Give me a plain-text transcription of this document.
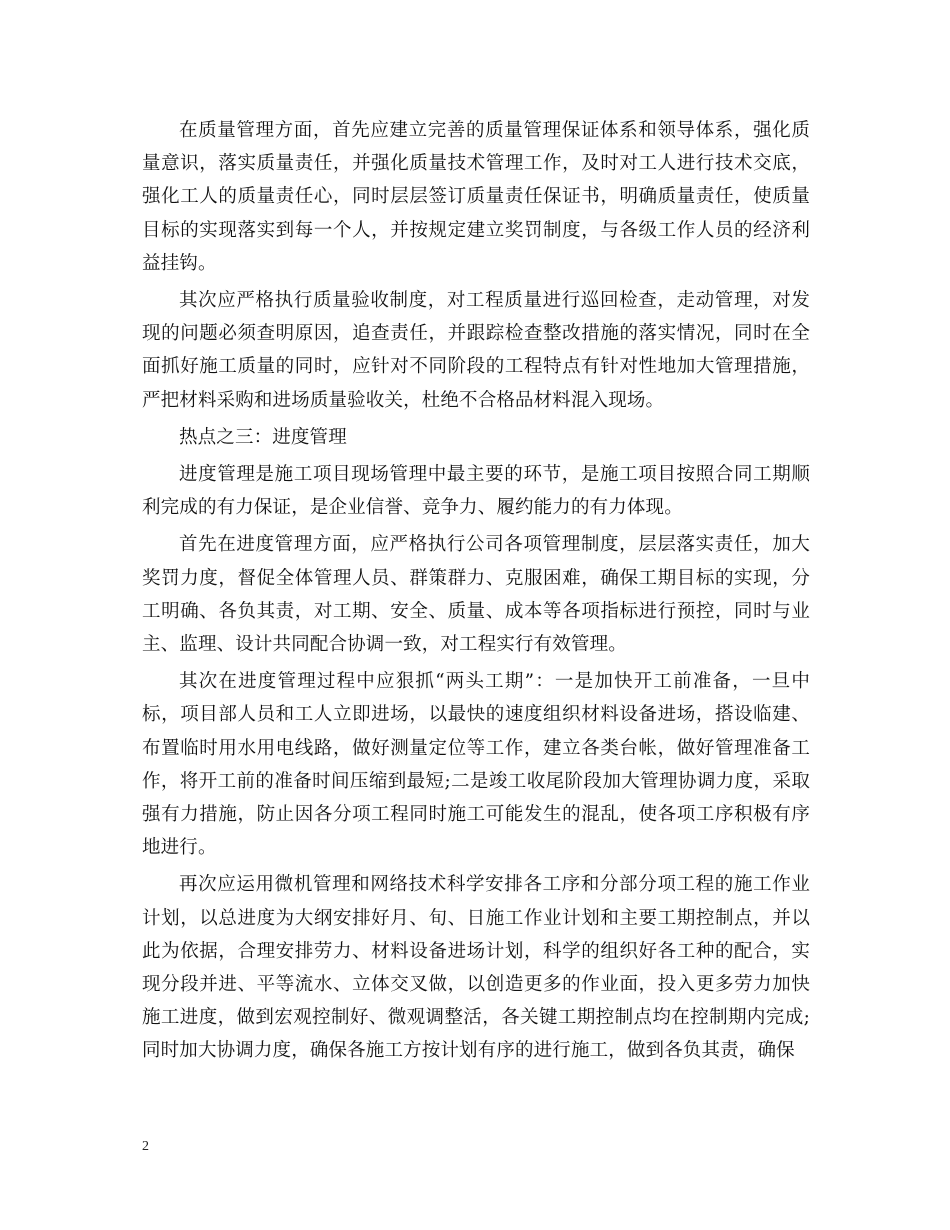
在质量管理方面，首先应建立完善的质量管理保证体系和领导体系，强化质量意识，落实质量责任，并强化质量技术管理工作，及时对工人进行技术交底，强化工人的质量责任心，同时层层签订质量责任保证书，明确质量责任，使质量目标的实现落实到每一个人，并按规定建立奖罚制度，与各级工作人员的经济利益挂钩。

其次应严格执行质量验收制度，对工程质量进行巡回检查，走动管理，对发现的问题必须查明原因，追查责任，并跟踪检查整改措施的落实情况，同时在全面抓好施工质量的同时，应针对不同阶段的工程特点有针对性地加大管理措施，严把材料采购和进场质量验收关，杜绝不合格品材料混入现场。

热点之三：进度管理

进度管理是施工项目现场管理中最主要的环节，是施工项目按照合同工期顺利完成的有力保证，是企业信誉、竞争力、履约能力的有力体现。

首先在进度管理方面，应严格执行公司各项管理制度，层层落实责任，加大奖罚力度，督促全体管理人员、群策群力、克服困难，确保工期目标的实现，分工明确、各负其责，对工期、安全、质量、成本等各项指标进行预控，同时与业主、监理、设计共同配合协调一致，对工程实行有效管理。

其次在进度管理过程中应狠抓“两头工期”：一是加快开工前准备，一旦中标，项目部人员和工人立即进场，以最快的速度组织材料设备进场，搭设临建、布置临时用水用电线路，做好测量定位等工作，建立各类台帐，做好管理准备工作，将开工前的准备时间压缩到最短;二是竣工收尾阶段加大管理协调力度，采取强有力措施，防止因各分项工程同时施工可能发生的混乱，使各项工序积极有序地进行。

再次应运用微机管理和网络技术科学安排各工序和分部分项工程的施工作业计划，以总进度为大纲安排好月、旬、日施工作业计划和主要工期控制点，并以此为依据，合理安排劳力、材料设备进场计划，科学的组织好各工种的配合，实现分段并进、平等流水、立体交叉做，以创造更多的作业面，投入更多劳力加快施工进度，做到宏观控制好、微观调整活，各关键工期控制点均在控制期内完成;同时加大协调力度，确保各施工方按计划有序的进行施工，做到各负其责，确保

2
